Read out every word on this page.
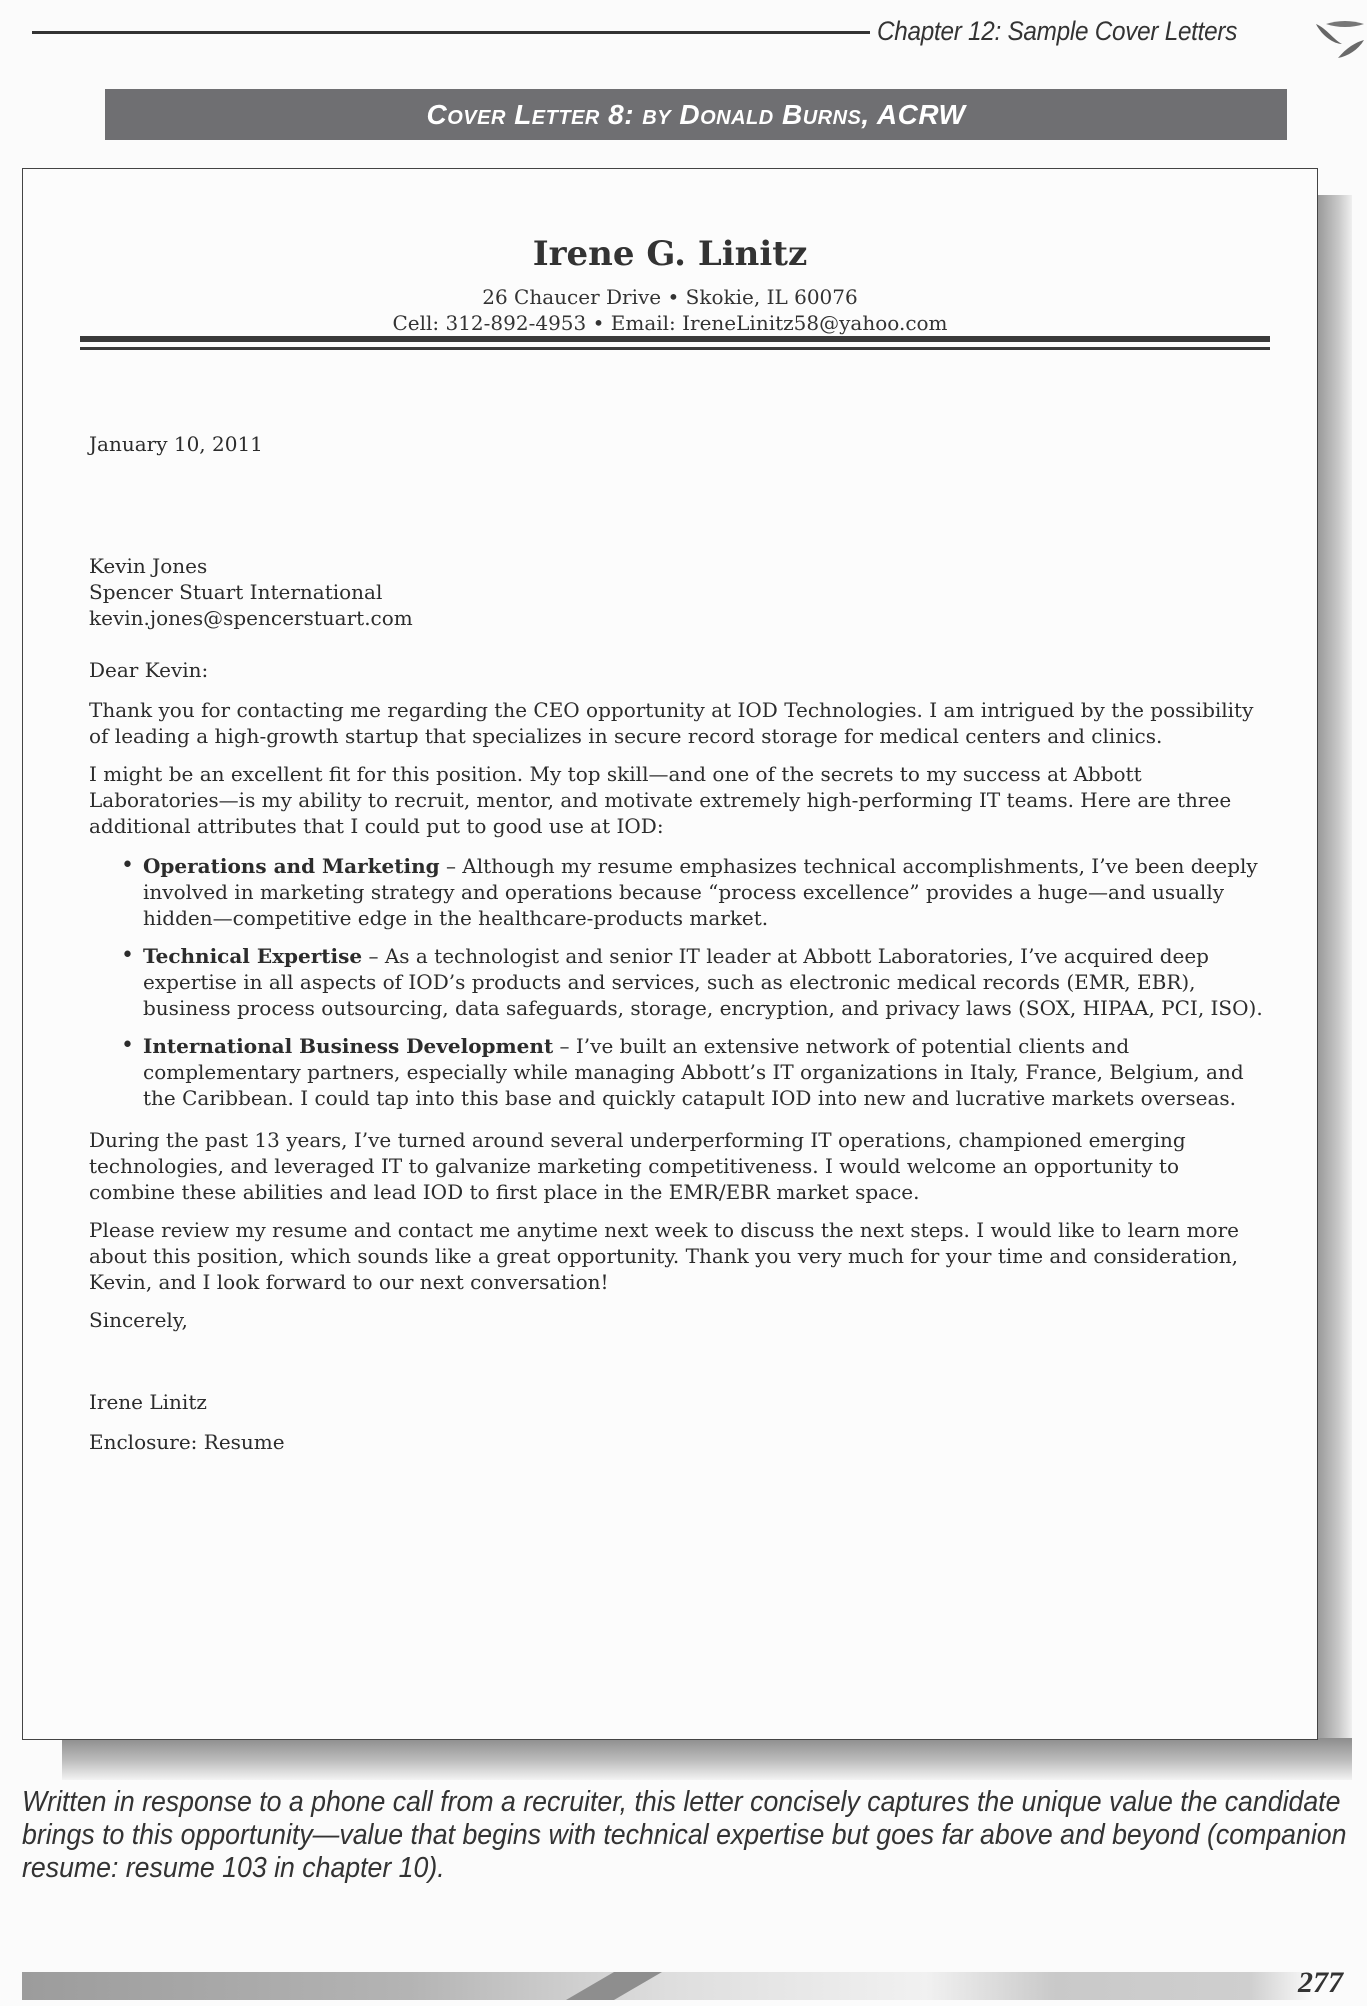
Chapter 12: Sample Cover Letters
Cover Letter 8: by Donald Burns, ACRW
Irene G. Linitz
26 Chaucer Drive • Skokie, IL 60076
Cell: 312-892-4953 • Email: IreneLinitz58@yahoo.com

January 10, 2011

Kevin Jones

Spencer Stuart International

kevin.jones@spencerstuart.com

Dear Kevin:

Thank you for contacting me regarding the CEO opportunity at IOD Technologies. I am intrigued by the possibility of leading a high-growth startup that specializes in secure record storage for medical centers and clinics.

I might be an excellent fit for this position. My top skill—and one of the secrets to my success at Abbott Laboratories—is my ability to recruit, mentor, and motivate extremely high-performing IT teams. Here are three additional attributes that I could put to good use at IOD:

• Operations and Marketing – Although my resume emphasizes technical accomplishments, I’ve been deeply involved in marketing strategy and operations because “process excellence” provides a huge—and usually hidden—competitive edge in the healthcare-products market.
• Technical Expertise – As a technologist and senior IT leader at Abbott Laboratories, I’ve acquired deep expertise in all aspects of IOD’s products and services, such as electronic medical records (EMR, EBR), business process outsourcing, data safeguards, storage, encryption, and privacy laws (SOX, HIPAA, PCI, ISO).
• International Business Development – I’ve built an extensive network of potential clients and complementary partners, especially while managing Abbott’s IT organizations in Italy, France, Belgium, and the Caribbean. I could tap into this base and quickly catapult IOD into new and lucrative markets overseas.

During the past 13 years, I’ve turned around several underperforming IT operations, championed emerging technologies, and leveraged IT to galvanize marketing competitiveness. I would welcome an opportunity to combine these abilities and lead IOD to first place in the EMR/EBR market space.

Please review my resume and contact me anytime next week to discuss the next steps. I would like to learn more about this position, which sounds like a great opportunity. Thank you very much for your time and consideration, Kevin, and I look forward to our next conversation!

Sincerely,

Irene Linitz

Enclosure: Resume

Written in response to a phone call from a recruiter, this letter concisely captures the unique value the candidate brings to this opportunity—value that begins with technical expertise but goes far above and beyond (companion resume: resume 103 in chapter 10).
277
